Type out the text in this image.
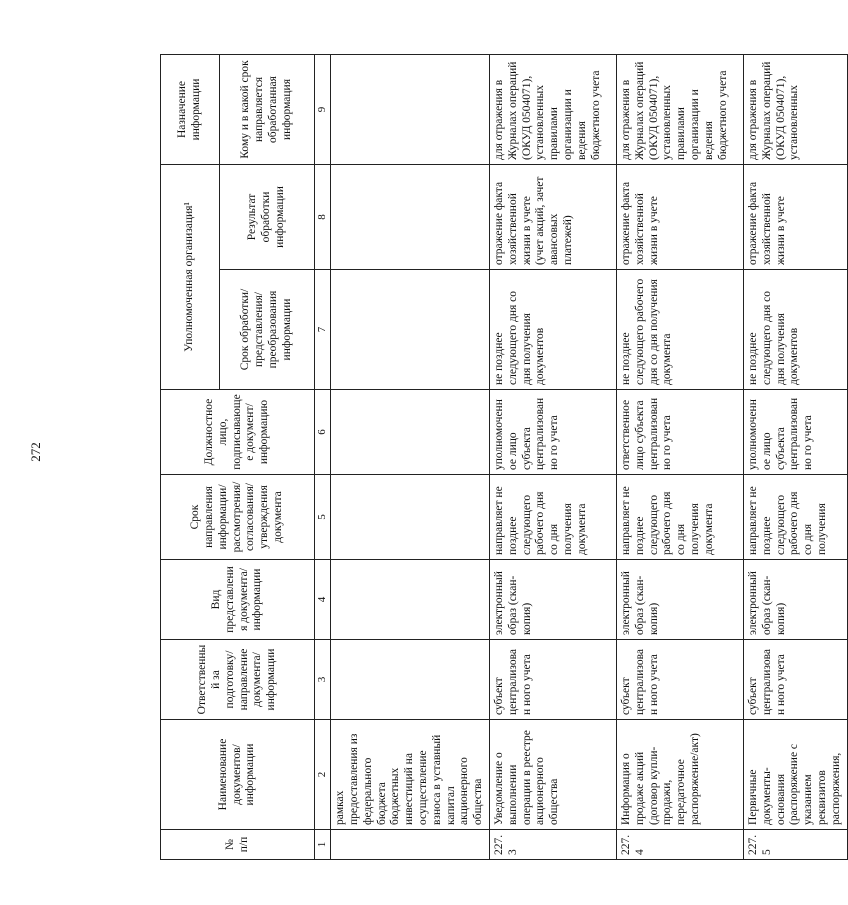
272
№ п/п	Наименование документов/ информации	Ответственный за подготовку/ направление документа/ информации	Вид представления документа/ информации	Срок направления информации/ рассмотрения/ согласования/ утверждения документа	Должностное лицо, подписывающее документ/ информацию	Уполномоченная организация¹		Назначение информации
						Срок обработки/ представления/ преобразования информации	Результат обработки информации	Кому и в какой срок направляется обработанная информация
1	2	3	4	5	6	7	8	9
	рамках предоставления из федерального бюджета бюджетных инвестиций на осуществление взноса в уставный капитал акционерного общества							
227.3	Уведомление о выполнении операции в реестре акционерного общества	субъект централизован ного учета	электронный образ (скан-копия)	направляет не позднее следующего рабочего дня со дня получения документа	уполномоченное лицо субъекта централизованно го учета	не позднее следующего дня со дня получения документов	отражение факта хозяйственной жизни в учете (учет акций, зачет авансовых платежей)	для отражения в Журналах операций (ОКУД 0504071), установленных правилами организации и ведения бюджетного учета
227.4	Информация о продаже акций (договор купли-продажи, передаточное распоряжение/акт)	субъект централизован ного учета	электронный образ (скан-копия)	направляет не позднее следующего рабочего дня со дня получения документа	ответственное лицо субъекта централизованно го учета	не позднее следующего рабочего дня со дня получения документа	отражение факта хозяйственной жизни в учете	для отражения в Журналах операций (ОКУД 0504071), установленных правилами организации и ведения бюджетного учета
227.5	Первичные документы-основания (распоряжение с указанием реквизитов распоряжения,	субъект централизован ного учета	электронный образ (скан-копия)	направляет не позднее следующего рабочего дня со дня получения	уполномоченное лицо субъекта централизованно го учета	не позднее следующего дня со дня получения документов	отражение факта хозяйственной жизни в учете	для отражения в Журналах операций (ОКУД 0504071), установленных
